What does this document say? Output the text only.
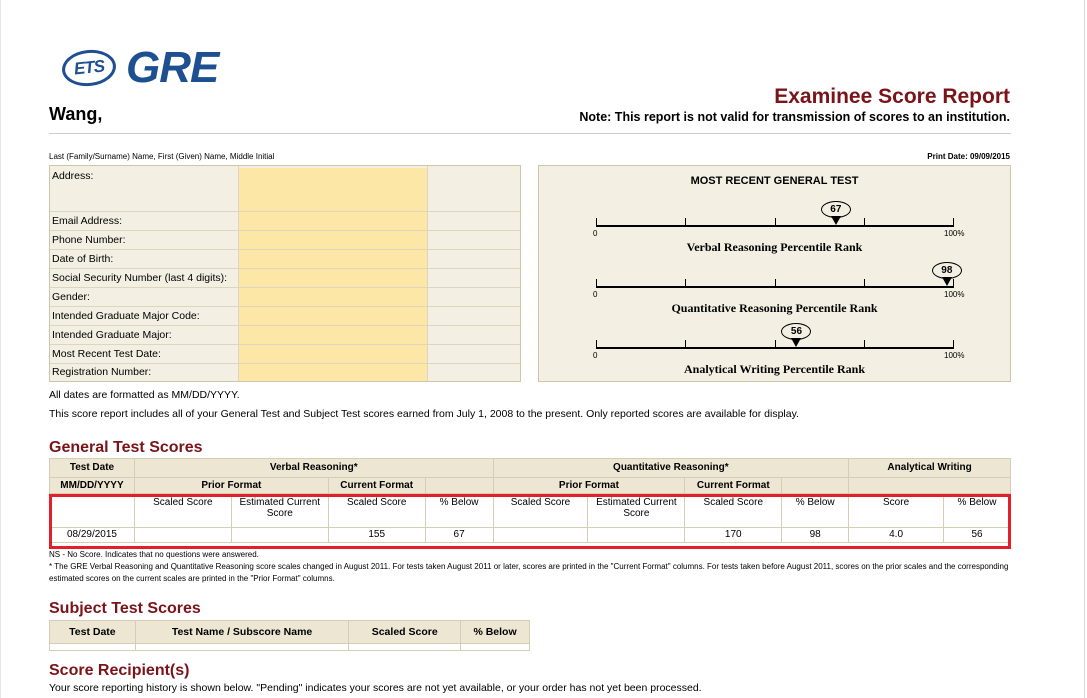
ETS GRE
Wang,
Examinee Score Report
Note: This report is not valid for transmission of scores to an institution.
Last (Family/Surname) Name, First (Given) Name, Middle Initial	Print Date: 09/09/2015
Address:
Email Address:
Phone Number:
Date of Birth:
Social Security Number (last 4 digits):
Gender:
Intended Graduate Major Code:
Intended Graduate Major:
Most Recent Test Date:
Registration Number:
MOST RECENT GENERAL TEST
0	100%
67
Verbal Reasoning Percentile Rank
0	100%
98
Quantitative Reasoning Percentile Rank
0	100%
56
Analytical Writing Percentile Rank
All dates are formatted as MM/DD/YYYY.
This score report includes all of your General Test and Subject Test scores earned from July 1, 2008 to the present. Only reported scores are available for display.
General Test Scores
Test Date	Verbal Reasoning*				Quantitative Reasoning*				Analytical Writing	
MM/DD/YYYY	Prior Format		Current Format		Prior Format		Current Format			
	Scaled Score	Estimated Current Score	Scaled Score	% Below	Scaled Score	Estimated Current Score	Scaled Score	% Below	Score	% Below
08/29/2015			155	67			170	98	4.0	56
NS - No Score. Indicates that no questions were answered.
* The GRE Verbal Reasoning and Quantitative Reasoning score scales changed in August 2011. For tests taken August 2011 or later, scores are printed in the "Current Format" columns. For tests taken before August 2011, scores on the prior scales and the corresponding estimated scores on the current scales are printed in the "Prior Format" columns.
Subject Test Scores
Test Date	Test Name / Subscore Name	Scaled Score	% Below

Score Recipient(s)
Your score reporting history is shown below. "Pending" indicates your scores are not yet available, or your order has not yet been processed.
